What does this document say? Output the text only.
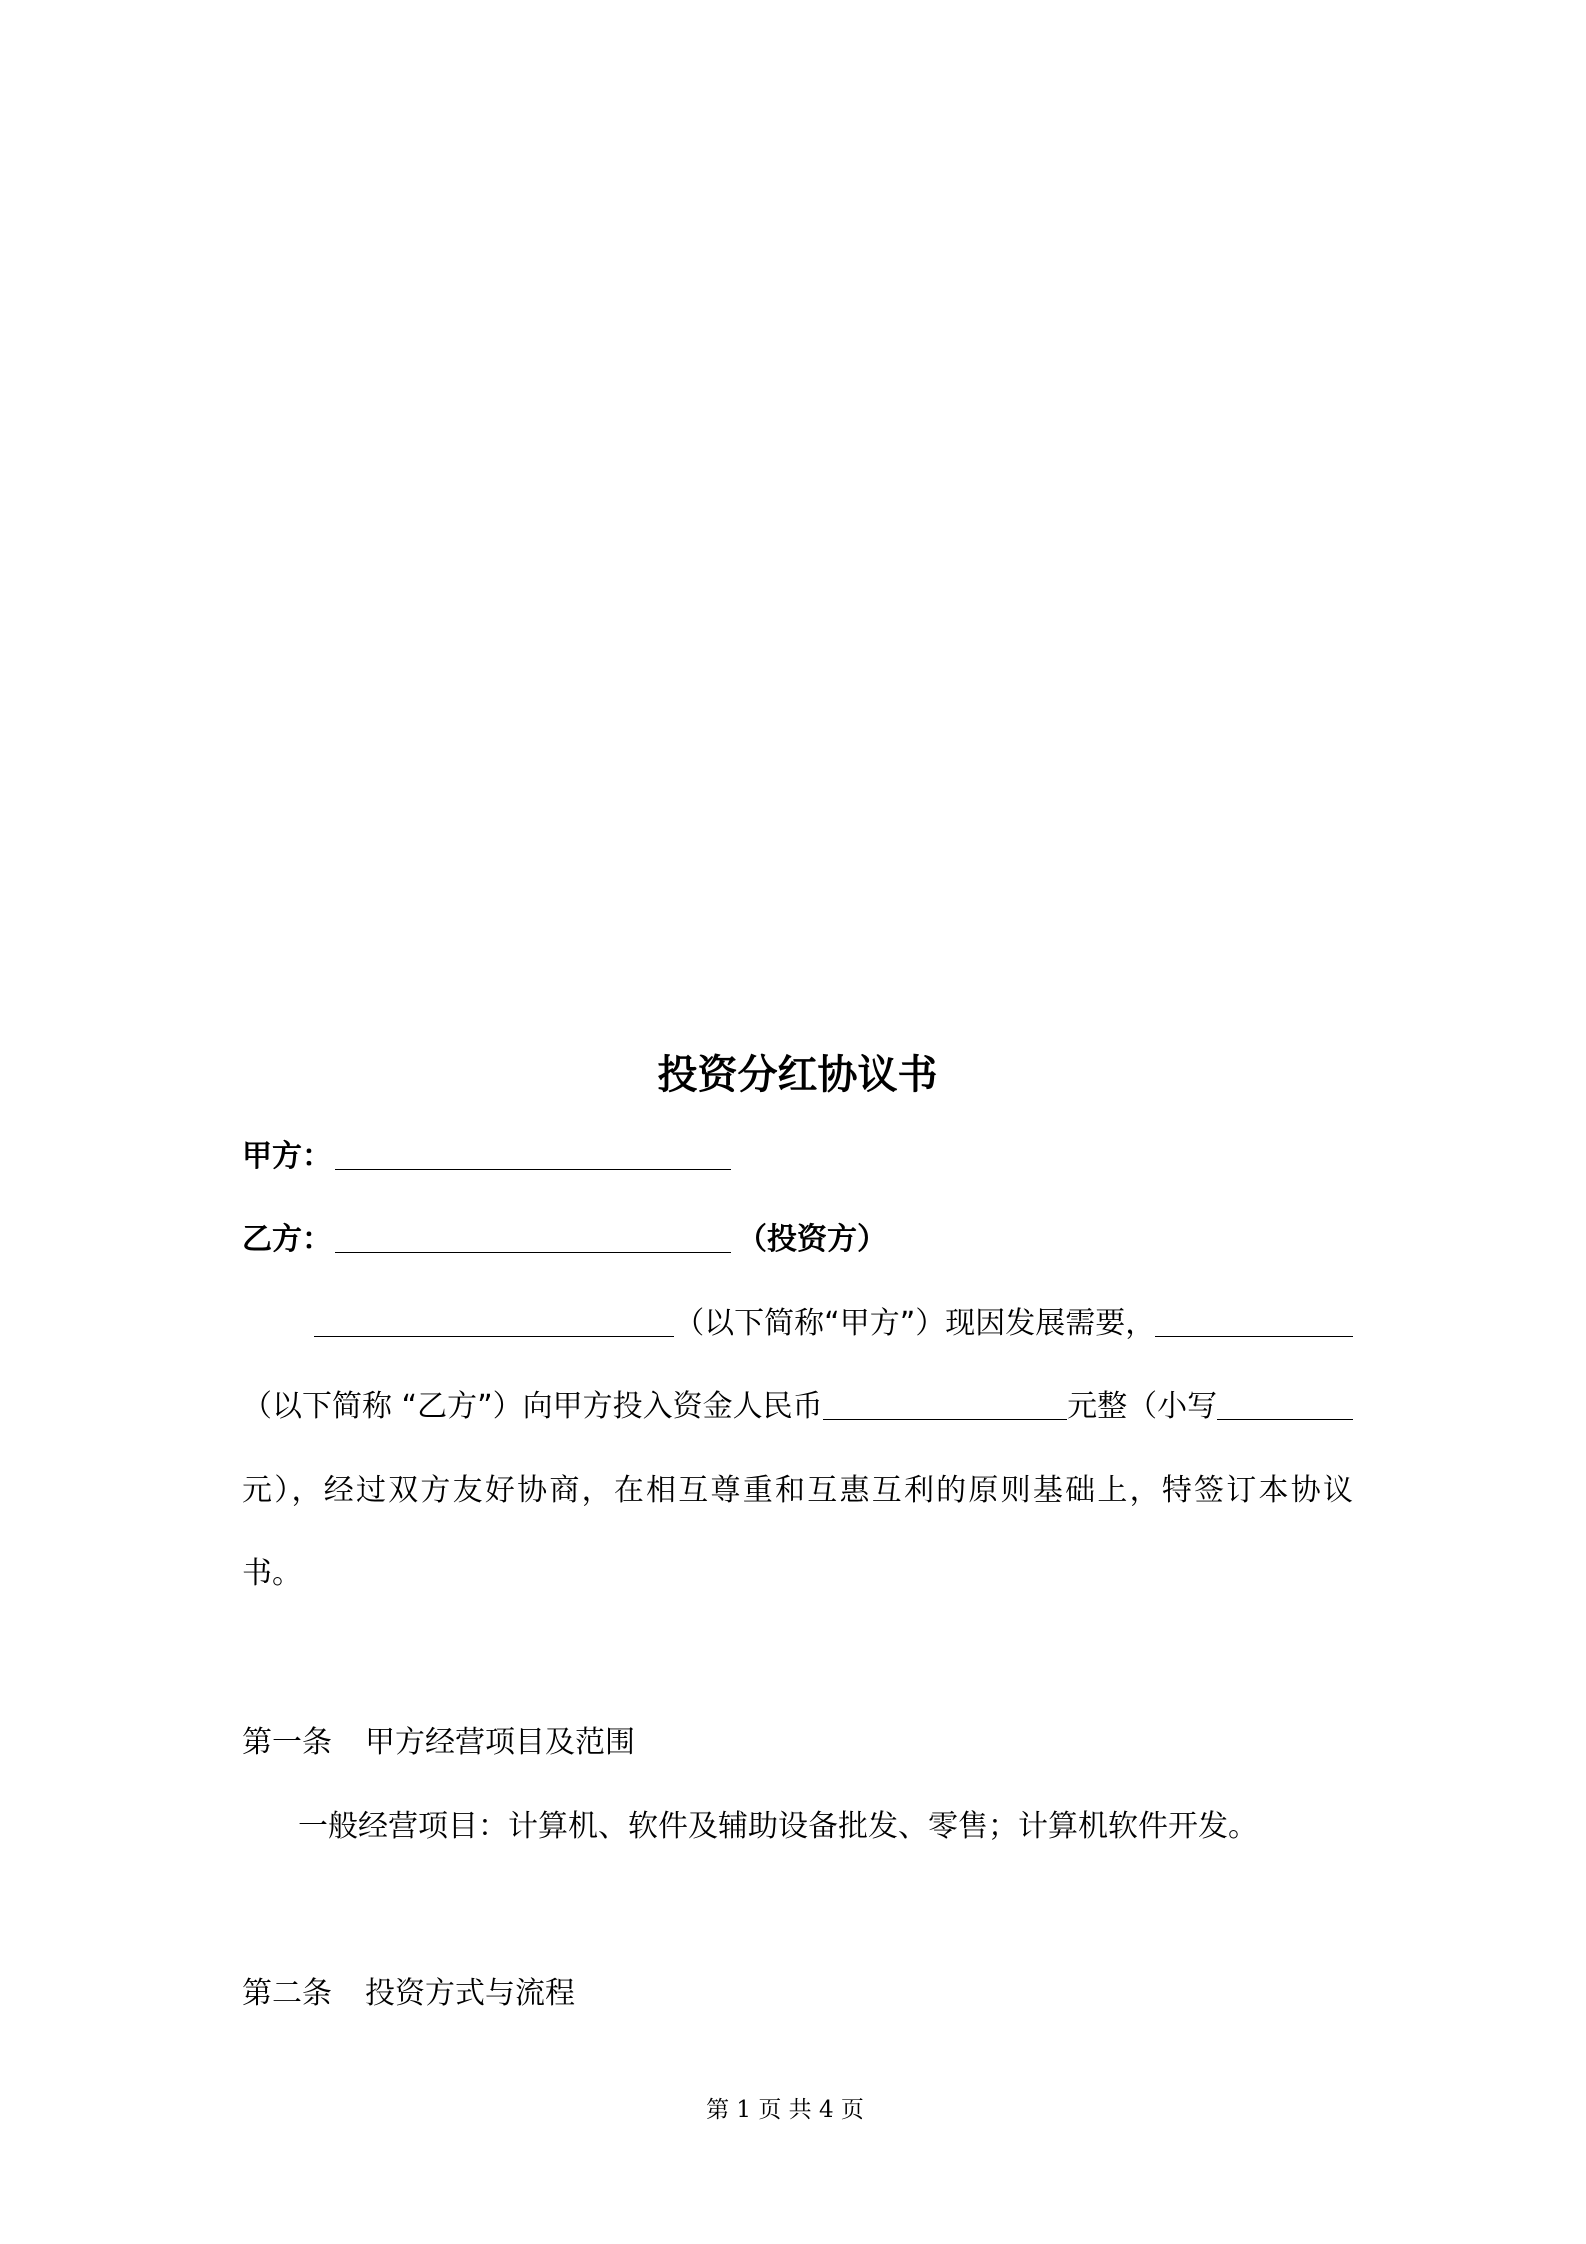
投资分红协议书
甲方：
乙方：	（投资方）
（以下简称“甲方”）现因发展需要，
（以下简称 “乙方”）向甲方投入资金人民币	元整（小写
元），经过双方友好协商，在相互尊重和互惠互利的原则基础上，特签订本协议
书。
第一条 甲方经营项目及范围
一般经营项目：计算机、软件及辅助设备批发、零售；计算机软件开发。
第二条 投资方式与流程
第 1 页 共 4 页
